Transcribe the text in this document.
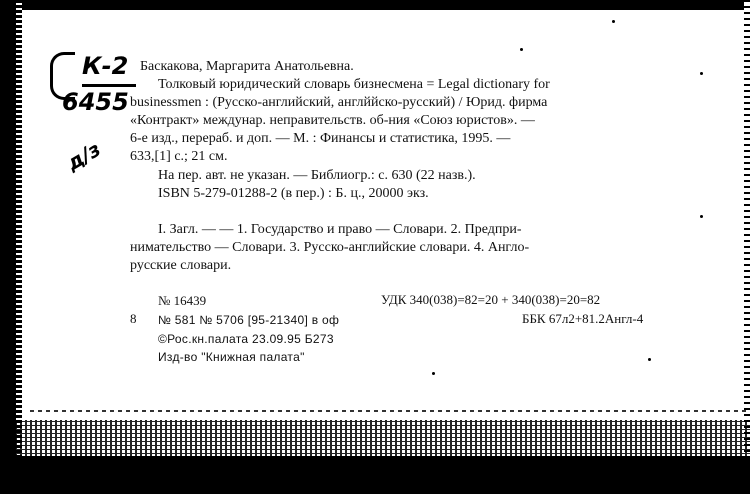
К-2
6455
д/з
Баскакова, Маргарита Анатольевна.
Толковый юридический словарь бизнесмена = Legal dictionary for
businessmen : (Русско-английский, англййско-русский) / Юрид. фирма
«Контракт» междунар. неправительств. об-ния «Союз юристов». —
6-е изд., перераб. и доп. — М. : Финансы и статистика, 1995. —
633,[1] с.; 21 см.
На пер. авт. не указан. — Библиогр.: с. 630 (22 назв.).
ISBN 5-279-01288-2 (в пер.) : Б. ц., 20000 экз.
I. Загл. — — 1. Государство и право — Словари. 2. Предпри-
нимательство — Словари. 3. Русско-английские словари. 4. Англо-
русские словари.
№ 16439	УДК 340(038)=82=20 + 340(038)=20=82
8 № 581 № 5706 [95-21340] в оф	ББК 67л2+81.2Англ-4
©Рос.кн.палата 23.09.95 Б273
Изд-во "Книжная палата"
